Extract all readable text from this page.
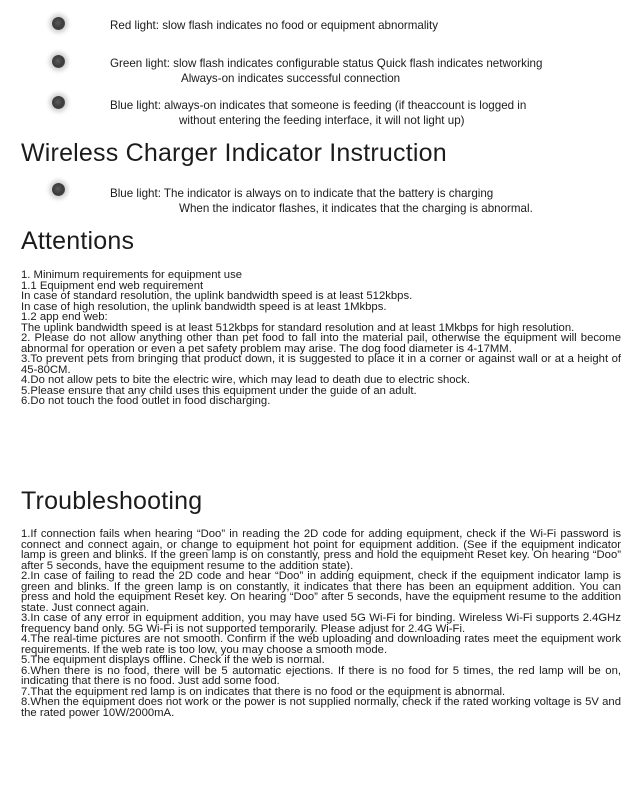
Red light: slow flash indicates no food or equipment abnormality
Green light: slow flash indicates configurable status Quick flash indicates networking
Always-on indicates successful connection
Blue light: always-on indicates that someone is feeding (if theaccount is logged in
without entering the feeding interface, it will not light up)
Wireless Charger Indicator Instruction
Blue light: The indicator is always on to indicate that the battery is charging
When the indicator flashes, it indicates that the charging is abnormal.
Attentions

1. Minimum requirements for equipment use

1.1 Equipment end web requirement

In case of standard resolution, the uplink bandwidth speed is at least 512kbps.

In case of high resolution, the uplink bandwidth speed is at least 1Mkbps.

1.2 app end web:

The uplink bandwidth speed is at least 512kbps for standard resolution and at least 1Mkbps for high resolution.

2. Please do not allow anything other than pet food to fall into the material pail, otherwise the equipment will become abnormal for operation or even a pet safety problem may arise. The dog food diameter is 4-17MM.

3.To prevent pets from bringing that product down, it is suggested to place it in a corner or against wall or at a height of 45-80CM.

4.Do not allow pets to bite the electric wire, which may lead to death due to electric shock.

5.Please ensure that any child uses this equipment under the guide of an adult.

6.Do not touch the food outlet in food discharging.

Troubleshooting

1.If connection fails when hearing “Doo” in reading the 2D code for adding equipment, check if the Wi-Fi password is connect and connect again, or change to equipment hot point for equipment addition. (See if the equipment indicator lamp is green and blinks. If the green lamp is on constantly, press and hold the equipment Reset key. On hearing “Doo” after 5 seconds, have the equipment resume to the addition state).

2.In case of failing to read the 2D code and hear “Doo” in adding equipment, check if the equipment indicator lamp is green and blinks. If the green lamp is on constantly, it indicates that there has been an equipment addition. You can press and hold the equipment Reset key. On hearing “Doo” after 5 seconds, have the equipment resume to the addition state. Just connect again.

3.In case of any error in equipment addition, you may have used 5G Wi-Fi for binding. Wireless Wi-Fi supports 2.4GHz frequency band only. 5G Wi-Fi is not supported temporarily. Please adjust for 2.4G Wi-Fi.

4.The real-time pictures are not smooth. Confirm if the web uploading and downloading rates meet the equipment work requirements. If the web rate is too low, you may choose a smooth mode.

5.The equipment displays offline. Check if the web is normal.

6.When there is no food, there will be 5 automatic ejections. If there is no food for 5 times, the red lamp will be on, indicating that there is no food. Just add some food.

7.That the equipment red lamp is on indicates that there is no food or the equipment is abnormal.

8.When the equipment does not work or the power is not supplied normally, check if the rated working voltage is 5V and the rated power 10W/2000mA.
